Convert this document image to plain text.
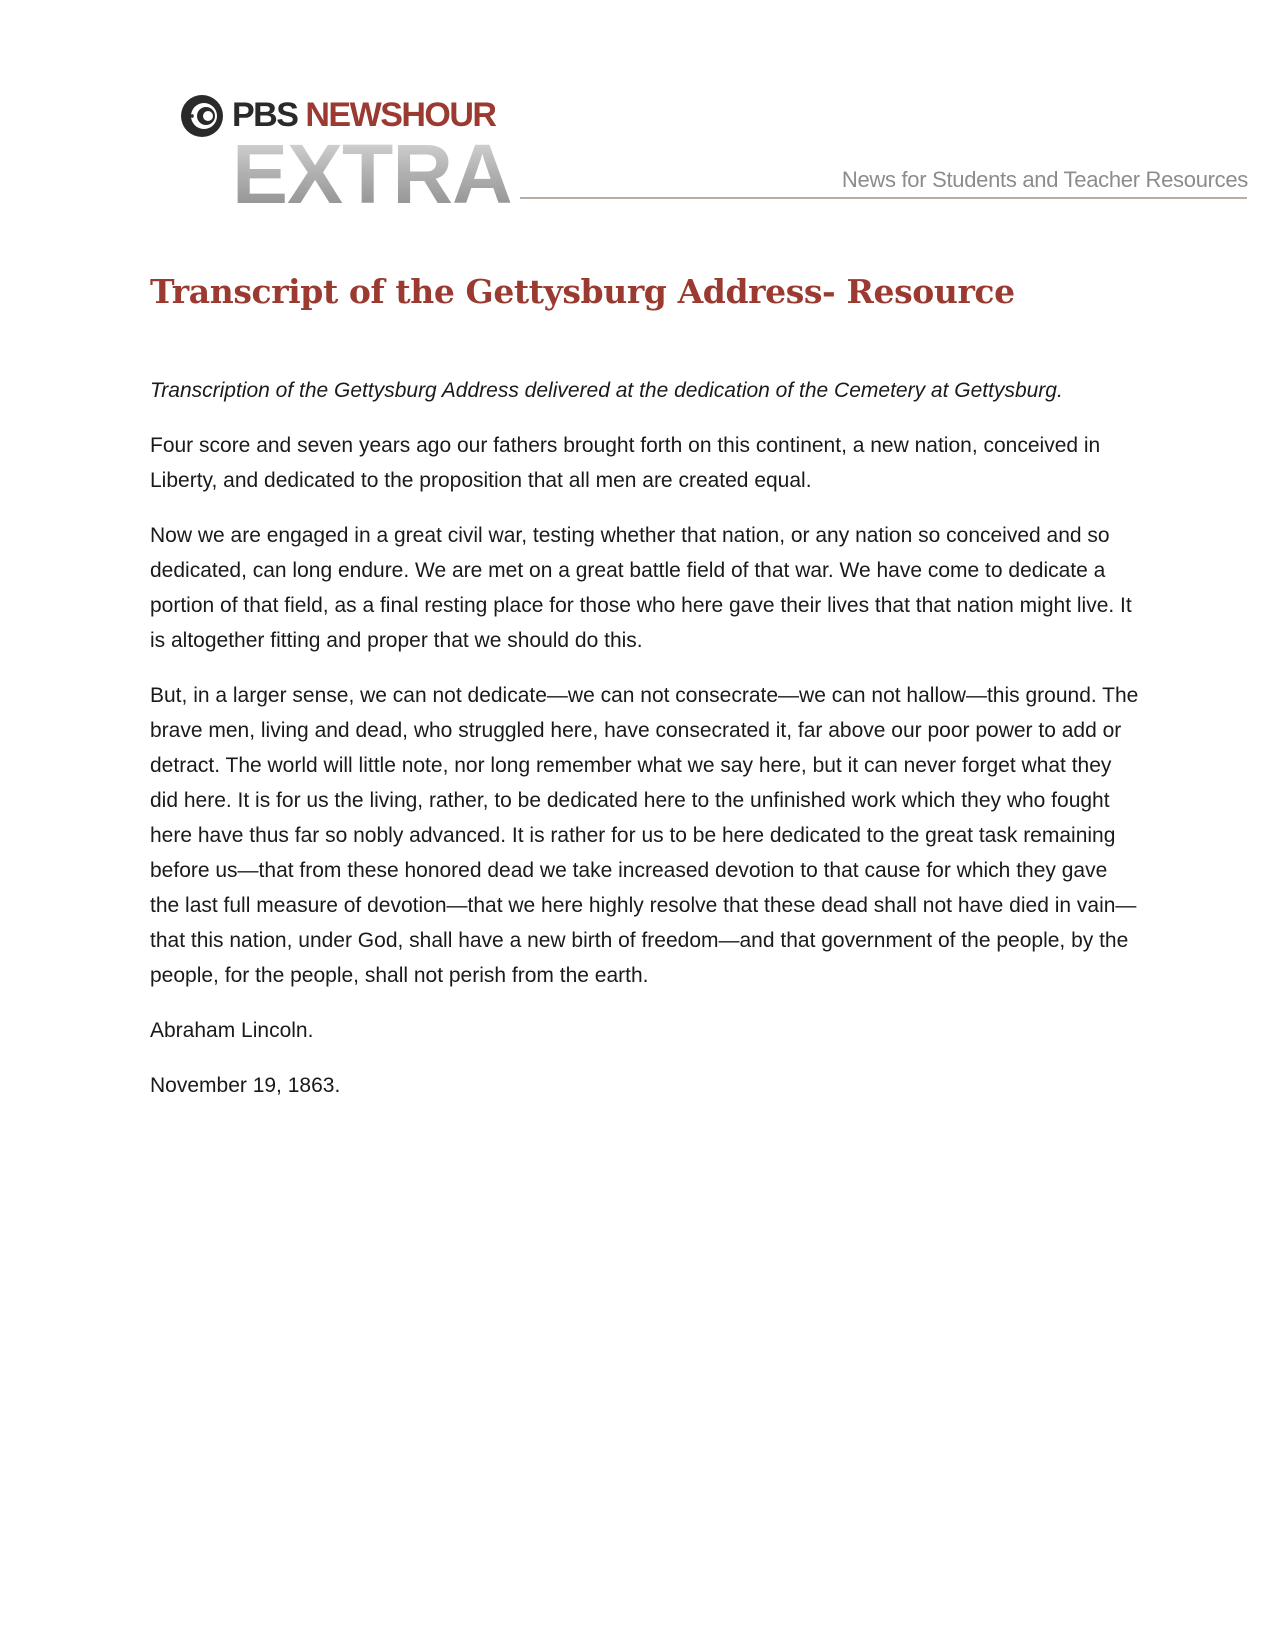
PBS NEWSHOUR
EXTRA	News for Students and Teacher Resources
Transcript of the Gettysburg Address- Resource

Transcription of the Gettysburg Address delivered at the dedication of the Cemetery at Gettysburg.

Four score and seven years ago our fathers brought forth on this continent, a new nation, conceived in Liberty, and dedicated to the proposition that all men are created equal.

Now we are engaged in a great civil war, testing whether that nation, or any nation so conceived and so dedicated, can long endure. We are met on a great battle field of that war. We have come to dedicate a portion of that field, as a final resting place for those who here gave their lives that that nation might live. It is altogether fitting and proper that we should do this.

But, in a larger sense, we can not dedicate—we can not consecrate—we can not hallow—this ground. The brave men, living and dead, who struggled here, have consecrated it, far above our poor power to add or detract. The world will little note, nor long remember what we say here, but it can never forget what they did here. It is for us the living, rather, to be dedicated here to the unfinished work which they who fought here have thus far so nobly advanced. It is rather for us to be here dedicated to the great task remaining before us—that from these honored dead we take increased devotion to that cause for which they gave the last full measure of devotion—that we here highly resolve that these dead shall not have died in vain—that this nation, under God, shall have a new birth of freedom—and that government of the people, by the people, for the people, shall not perish from the earth.

Abraham Lincoln.

November 19, 1863.
